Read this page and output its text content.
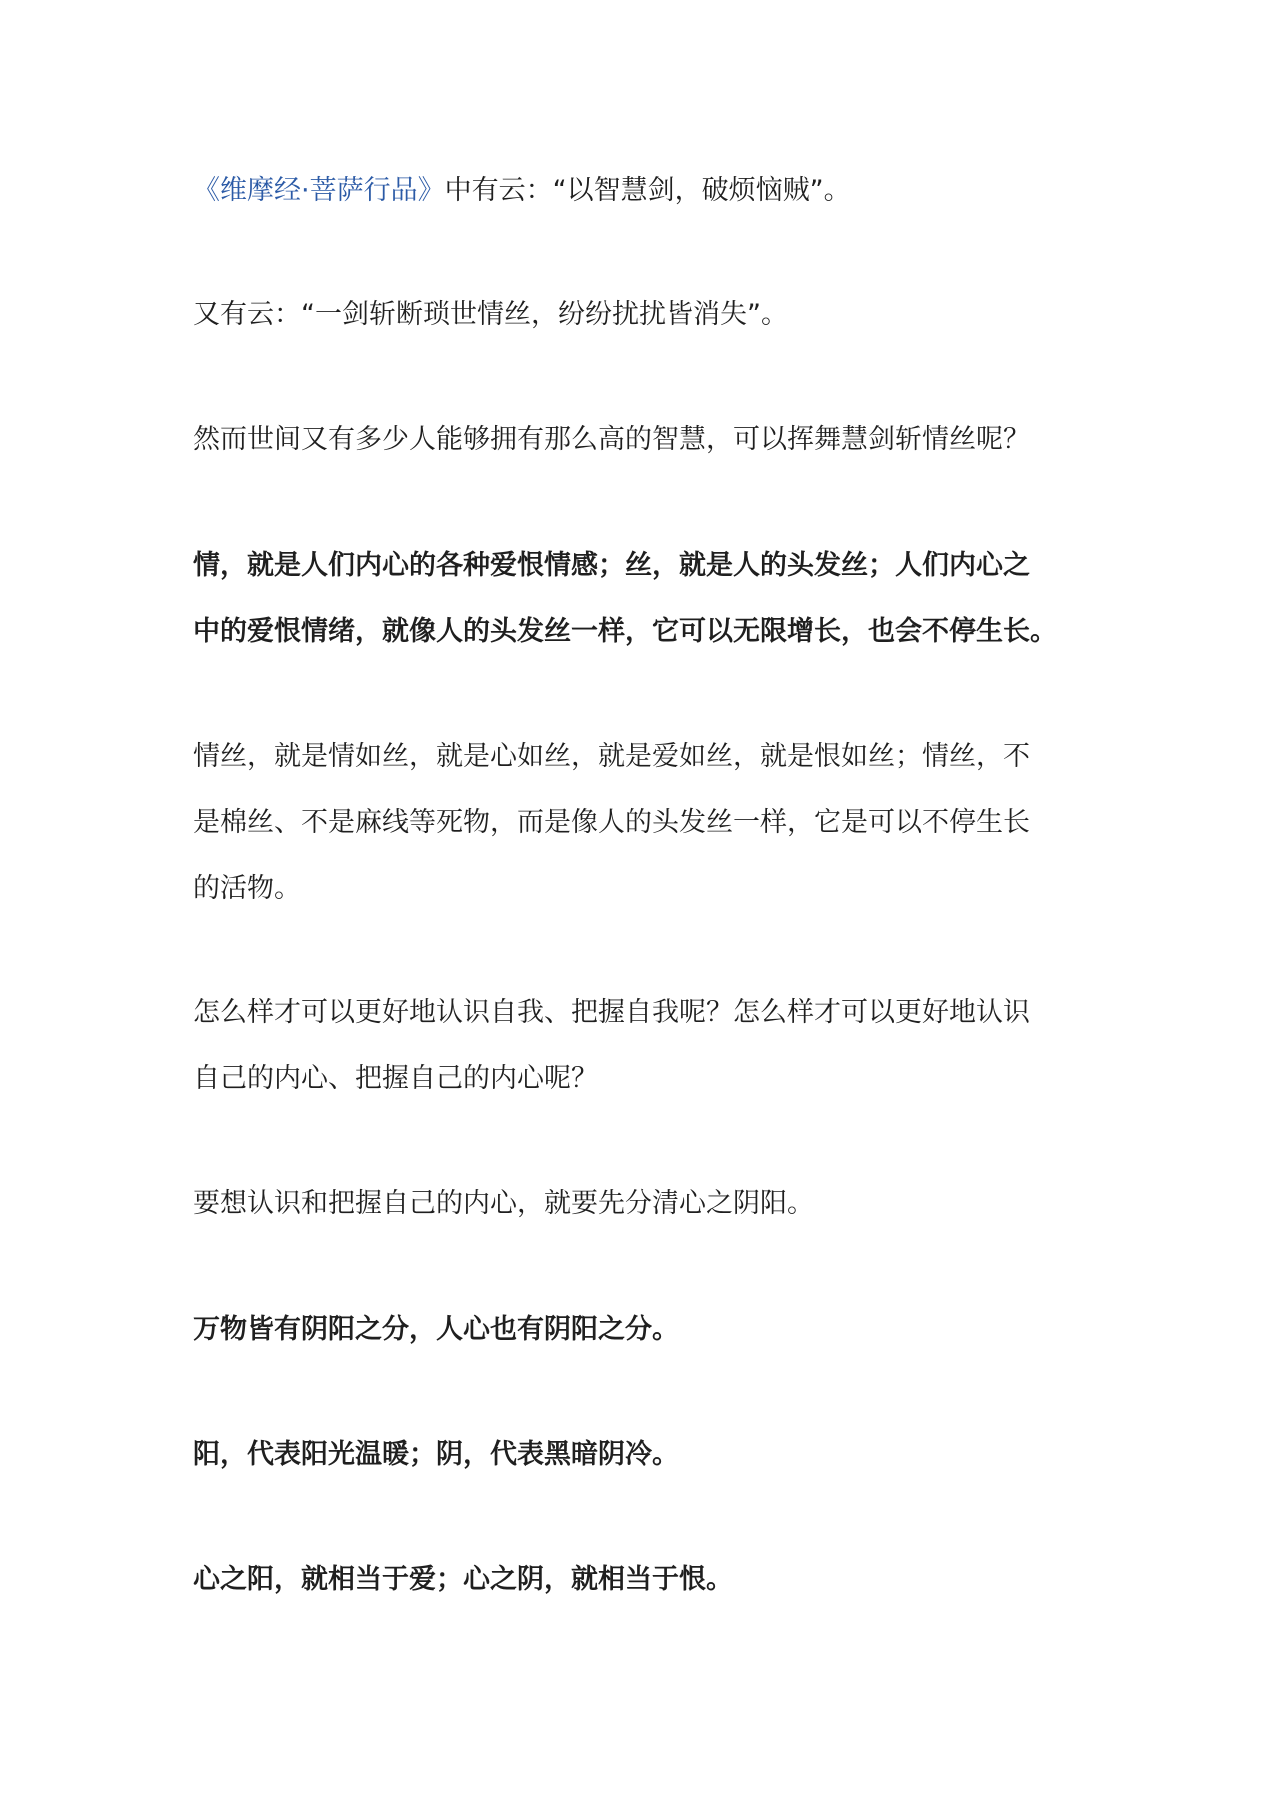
《维摩经·菩萨行品》中有云：“以智慧剑，破烦恼贼”。

又有云：“一剑斩断琐世情丝，纷纷扰扰皆消失”。

然而世间又有多少人能够拥有那么高的智慧，可以挥舞慧剑斩情丝呢？

情，就是人们内心的各种爱恨情感；丝，就是人的头发丝；人们内心之
中的爱恨情绪，就像人的头发丝一样，它可以无限增长，也会不停生长。

情丝，就是情如丝，就是心如丝，就是爱如丝，就是恨如丝；情丝，不
是棉丝、不是麻线等死物，而是像人的头发丝一样，它是可以不停生长
的活物。

怎么样才可以更好地认识自我、把握自我呢？怎么样才可以更好地认识
自己的内心、把握自己的内心呢？

要想认识和把握自己的内心，就要先分清心之阴阳。

万物皆有阴阳之分，人心也有阴阳之分。

阳，代表阳光温暖；阴，代表黑暗阴冷。

心之阳，就相当于爱；心之阴，就相当于恨。
